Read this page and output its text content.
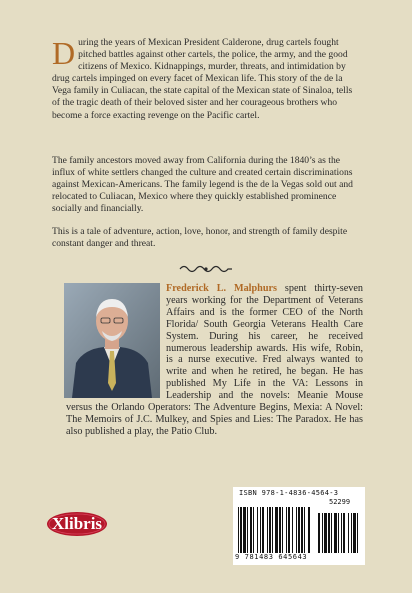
During the years of Mexican President Calderone, drug cartels fought pitched battles against other cartels, the police, the army, and the good citizens of Mexico. Kidnappings, murder, threats, and intimidation by drug cartels impinged on every facet of Mexican life. This story of the de la Vega family in Culiacan, the state capital of the Mexican state of Sinaloa, tells of the tragic death of their beloved sister and her courageous brothers who become a force exacting revenge on the Pacific cartel.

The family ancestors moved away from California during the 1840’s as the influx of white settlers changed the culture and created certain discriminations against Mexican-Americans. The family legend is the de la Vegas sold out and relocated to Culiacan, Mexico where they quickly established prominence socially and financially.

This is a tale of adventure, action, love, honor, and strength of family despite constant danger and threat.

Frederick L. Malphurs spent thirty-seven years working for the Department of Veterans Affairs and is the former CEO of the North Florida/ South Georgia Veterans Health Care System. During his career, he received numerous leadership awards. His wife, Robin, is a nurse executive. Fred always wanted to write and when he retired, he began. He has published My Life in the VA: Lessons in Leadership and the novels: Meanie Mouse versus the Orlando Operators: The Adventure Begins, Mexia: A Novel: The Memoirs of J.C. Mulkey, and Spies and Lies: The Paradox. He has also published a play, the Patio Club.
Xlibris
ISBN 978-1-4836-4564-3
52299
9 781483 645643
